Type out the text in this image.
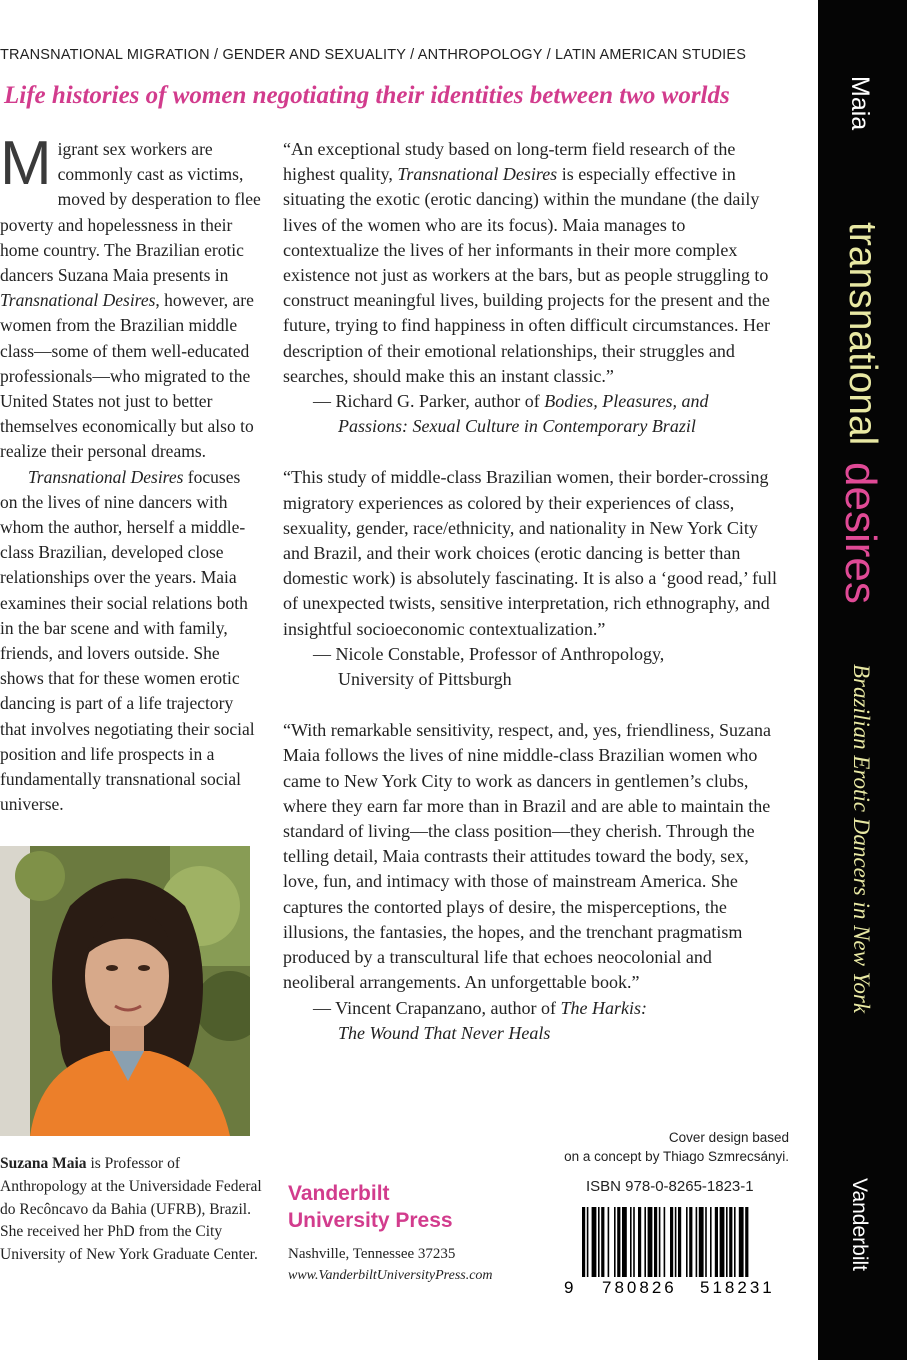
TRANSNATIONAL MIGRATION / GENDER AND SEXUALITY / ANTHROPOLOGY / LATIN AMERICAN STUDIES
Life histories of women negotiating their identities between two worlds

Migrant sex workers are commonly cast as victims, moved by desperation to flee poverty and hopelessness in their home country. The Brazilian erotic dancers Suzana Maia presents in Transnational Desires, however, are women from the Brazilian middle class—some of them well-educated professionals—who migrated to the United States not just to better themselves economically but also to realize their personal dreams.

Transnational Desires focuses on the lives of nine dancers with whom the author, herself a middle-class Brazilian, developed close relationships over the years. Maia examines their social relations both in the bar scene and with family, friends, and lovers outside. She shows that for these women erotic dancing is part of a life trajectory that involves negotiating their social position and life prospects in a fundamentally transnational social universe.

Suzana Maia is Professor of Anthropology at the Universidade Federal do Recôncavo da Bahia (UFRB), Brazil. She received her PhD from the City University of New York Graduate Center.

“An exceptional study based on long-term field research of the highest quality, Transnational Desires is especially effective in situating the exotic (erotic dancing) within the mundane (the daily lives of the women who are its focus). Maia manages to contextualize the lives of her informants in their more complex existence not just as workers at the bars, but as people struggling to construct meaningful lives, building projects for the present and the future, trying to find happiness in often difficult circumstances. Her description of their emotional relationships, their struggles and searches, should make this an instant classic.”

— Richard G. Parker, author of Bodies, Pleasures, and
Passions: Sexual Culture in Contemporary Brazil

“This study of middle-class Brazilian women, their border-crossing migratory experiences as colored by their experiences of class, sexuality, gender, race/ethnicity, and nationality in New York City and Brazil, and their work choices (erotic dancing is better than domestic work) is absolutely fascinating. It is also a ‘good read,’ full of unexpected twists, sensitive interpretation, rich ethnography, and insightful socioeconomic contextualization.”

— Nicole Constable, Professor of Anthropology,
University of Pittsburgh

“With remarkable sensitivity, respect, and, yes, friendliness, Suzana Maia follows the lives of nine middle-class Brazilian women who came to New York City to work as dancers in gentlemen’s clubs, where they earn far more than in Brazil and are able to maintain the standard of living—the class position—they cherish. Through the telling detail, Maia contrasts their attitudes toward the body, sex, love, fun, and intimacy with those of mainstream America. She captures the contorted plays of desire, the misperceptions, the illusions, the fantasies, the hopes, and the trenchant pragmatism produced by a transcultural life that echoes neocolonial and neoliberal arrangements. An unforgettable book.”

— Vincent Crapanzano, author of The Harkis:
The Wound That Never Heals

Cover design based
on a concept by Thiago Szmrecsányi.
Vanderbilt
University Press
Nashville, Tennessee 37235
www.VanderbiltUniversityPress.com
ISBN 978-0-8265-1823-1
9 780826 518231
Maia
transnational
desires
Brazilian Erotic Dancers in New York
Vanderbilt
